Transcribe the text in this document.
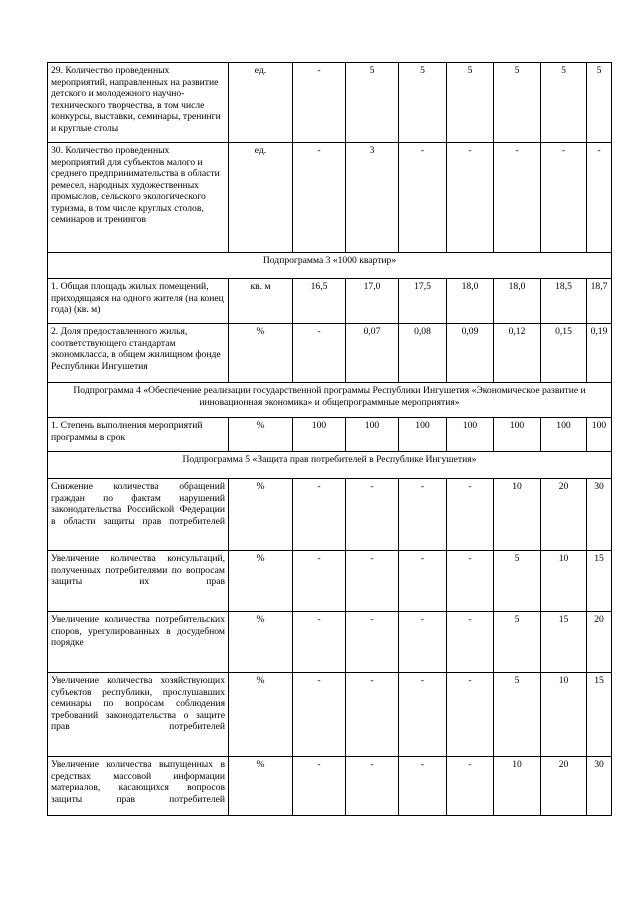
29. Количество проведенных мероприятий, направленных на развитие детского и молодежного научно-технического творчества, в том числе конкурсы, выставки, семинары, тренинги и круглые столы	ед.	-	5	5	5	5	5	5
30. Количество проведенных мероприятий для субъектов малого и среднего предпринимательства в области ремесел, народных художественных промыслов, сельского экологического туризма, в том числе круглых столов, семинаров и тренингов	ед.	-	3	-	-	-	-	-
Подпрограмма 3 «1000 квартир»								
1. Общая площадь жилых помещений, приходящаяся на одного жителя (на конец года) (кв. м)	кв. м	16,5	17,0	17,5	18,0	18,0	18,5	18,7
2. Доля предоставленного жилья, соответствующего стандартам экономкласса, в общем жилищном фонде Республики Ингушетия	%	-	0,07	0,08	0,09	0,12	0,15	0,19
Подпрограмма 4 «Обеспечение реализации государственной программы Республики Ингушетия «Экономическое развитие и инновационная экономика» и общепрограммные мероприятия»								
1. Степень выполнения мероприятий программы в срок	%	100	100	100	100	100	100	100
Подпрограмма 5 «Защита прав потребителей в Республике Ингушетия»								
Снижение количества обращений граждан по фактам нарушений законодательства Российской Федерации в области защиты прав потребителей	%	-	-	-	-	10	20	30
Увеличение количества консультаций, полученных потребителями по вопросам защиты их прав	%	-	-	-	-	5	10	15
Увеличение количества потребительских споров, урегулированных в досудебном порядке	%	-	-	-	-	5	15	20
Увеличение количества хозяйствующих субъектов республики, прослушавших семинары по вопросам соблюдения требований законодательства о защите прав потребителей	%	-	-	-	-	5	10	15
Увеличение количества выпущенных в средствах массовой информации материалов, касающихся вопросов защиты прав потребителей	%	-	-	-	-	10	20	30
